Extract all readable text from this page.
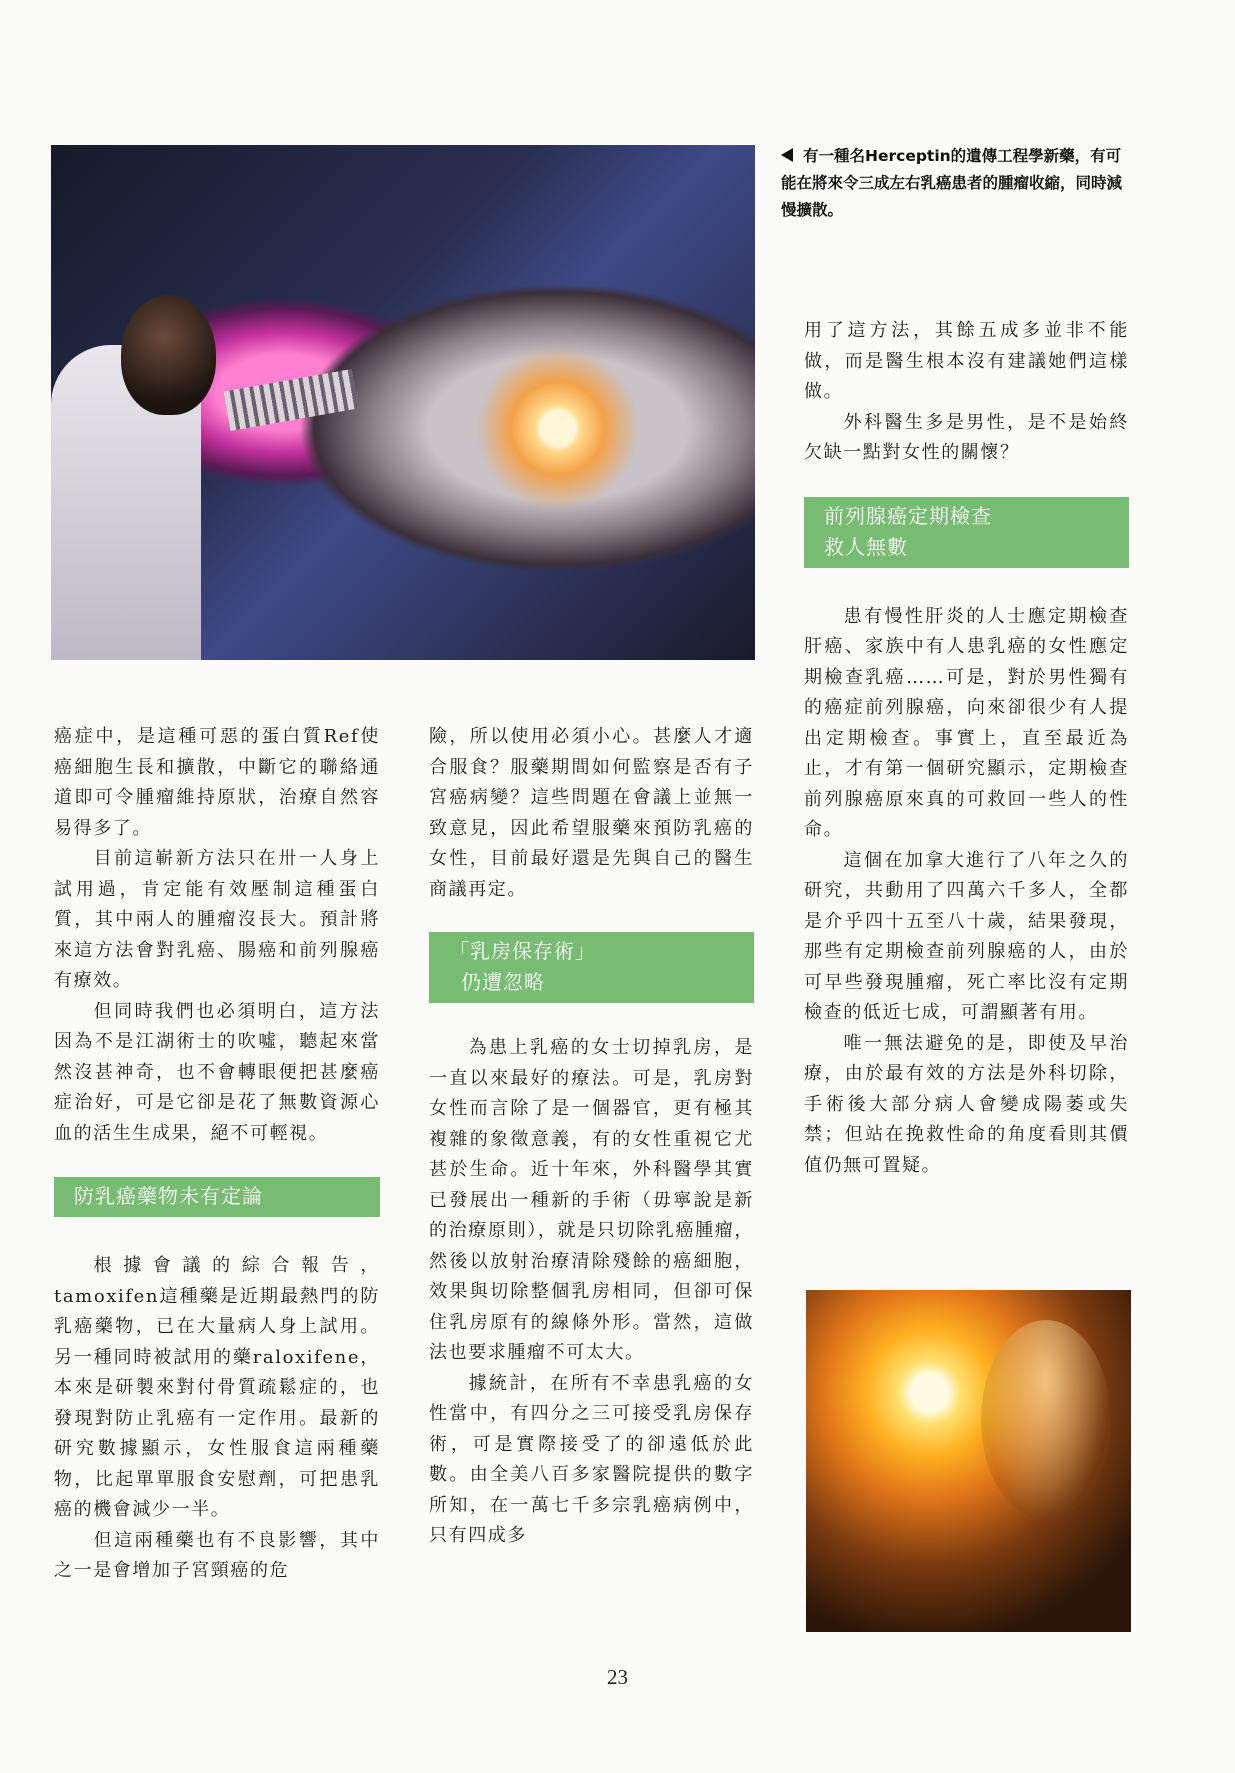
有一種名Herceptin的遺傳工程學新藥，有可能在將來令三成左右乳癌患者的腫瘤收縮，同時減慢擴散。

癌症中，是這種可惡的蛋白質Ref使癌細胞生長和擴散，中斷它的聯絡通道即可令腫瘤維持原狀，治療自然容易得多了。

目前這嶄新方法只在卅一人身上試用過，肯定能有效壓制這種蛋白質，其中兩人的腫瘤沒長大。預計將來這方法會對乳癌、腸癌和前列腺癌有療效。

但同時我們也必須明白，這方法因為不是江湖術士的吹噓，聽起來當然沒甚神奇，也不會轉眼便把甚麼癌症治好，可是它卻是花了無數資源心血的活生生成果，絕不可輕視。

防乳癌藥物未有定論

根據會議的綜合報告，tamoxifen這種藥是近期最熱門的防乳癌藥物，已在大量病人身上試用。另一種同時被試用的藥raloxifene，本來是研製來對付骨質疏鬆症的，也發現對防止乳癌有一定作用。最新的研究數據顯示，女性服食這兩種藥物，比起單單服食安慰劑，可把患乳癌的機會減少一半。

但這兩種藥也有不良影響，其中之一是會增加子宮頸癌的危

險，所以使用必須小心。甚麼人才適合服食？服藥期間如何監察是否有子宮癌病變？這些問題在會議上並無一致意見，因此希望服藥來預防乳癌的女性，目前最好還是先與自己的醫生商議再定。

「乳房保存術」
仍遭忽略

為患上乳癌的女士切掉乳房，是一直以來最好的療法。可是，乳房對女性而言除了是一個器官，更有極其複雜的象徵意義，有的女性重視它尤甚於生命。近十年來，外科醫學其實已發展出一種新的手術（毋寧說是新的治療原則），就是只切除乳癌腫瘤，然後以放射治療清除殘餘的癌細胞，效果與切除整個乳房相同，但卻可保住乳房原有的線條外形。當然，這做法也要求腫瘤不可太大。

據統計，在所有不幸患乳癌的女性當中，有四分之三可接受乳房保存術，可是實際接受了的卻遠低於此數。由全美八百多家醫院提供的數字所知，在一萬七千多宗乳癌病例中，只有四成多

用了這方法，其餘五成多並非不能做，而是醫生根本沒有建議她們這樣做。

外科醫生多是男性，是不是始終欠缺一點對女性的關懷？

前列腺癌定期檢查
救人無數

患有慢性肝炎的人士應定期檢查肝癌、家族中有人患乳癌的女性應定期檢查乳癌……可是，對於男性獨有的癌症前列腺癌，向來卻很少有人提出定期檢查。事實上，直至最近為止，才有第一個研究顯示，定期檢查前列腺癌原來真的可救回一些人的性命。

這個在加拿大進行了八年之久的研究，共動用了四萬六千多人，全都是介乎四十五至八十歲，結果發現，那些有定期檢查前列腺癌的人，由於可早些發現腫瘤，死亡率比沒有定期檢查的低近七成，可謂顯著有用。

唯一無法避免的是，即使及早治療，由於最有效的方法是外科切除，手術後大部分病人會變成陽萎或失禁；但站在挽救性命的角度看則其價值仍無可置疑。

23
